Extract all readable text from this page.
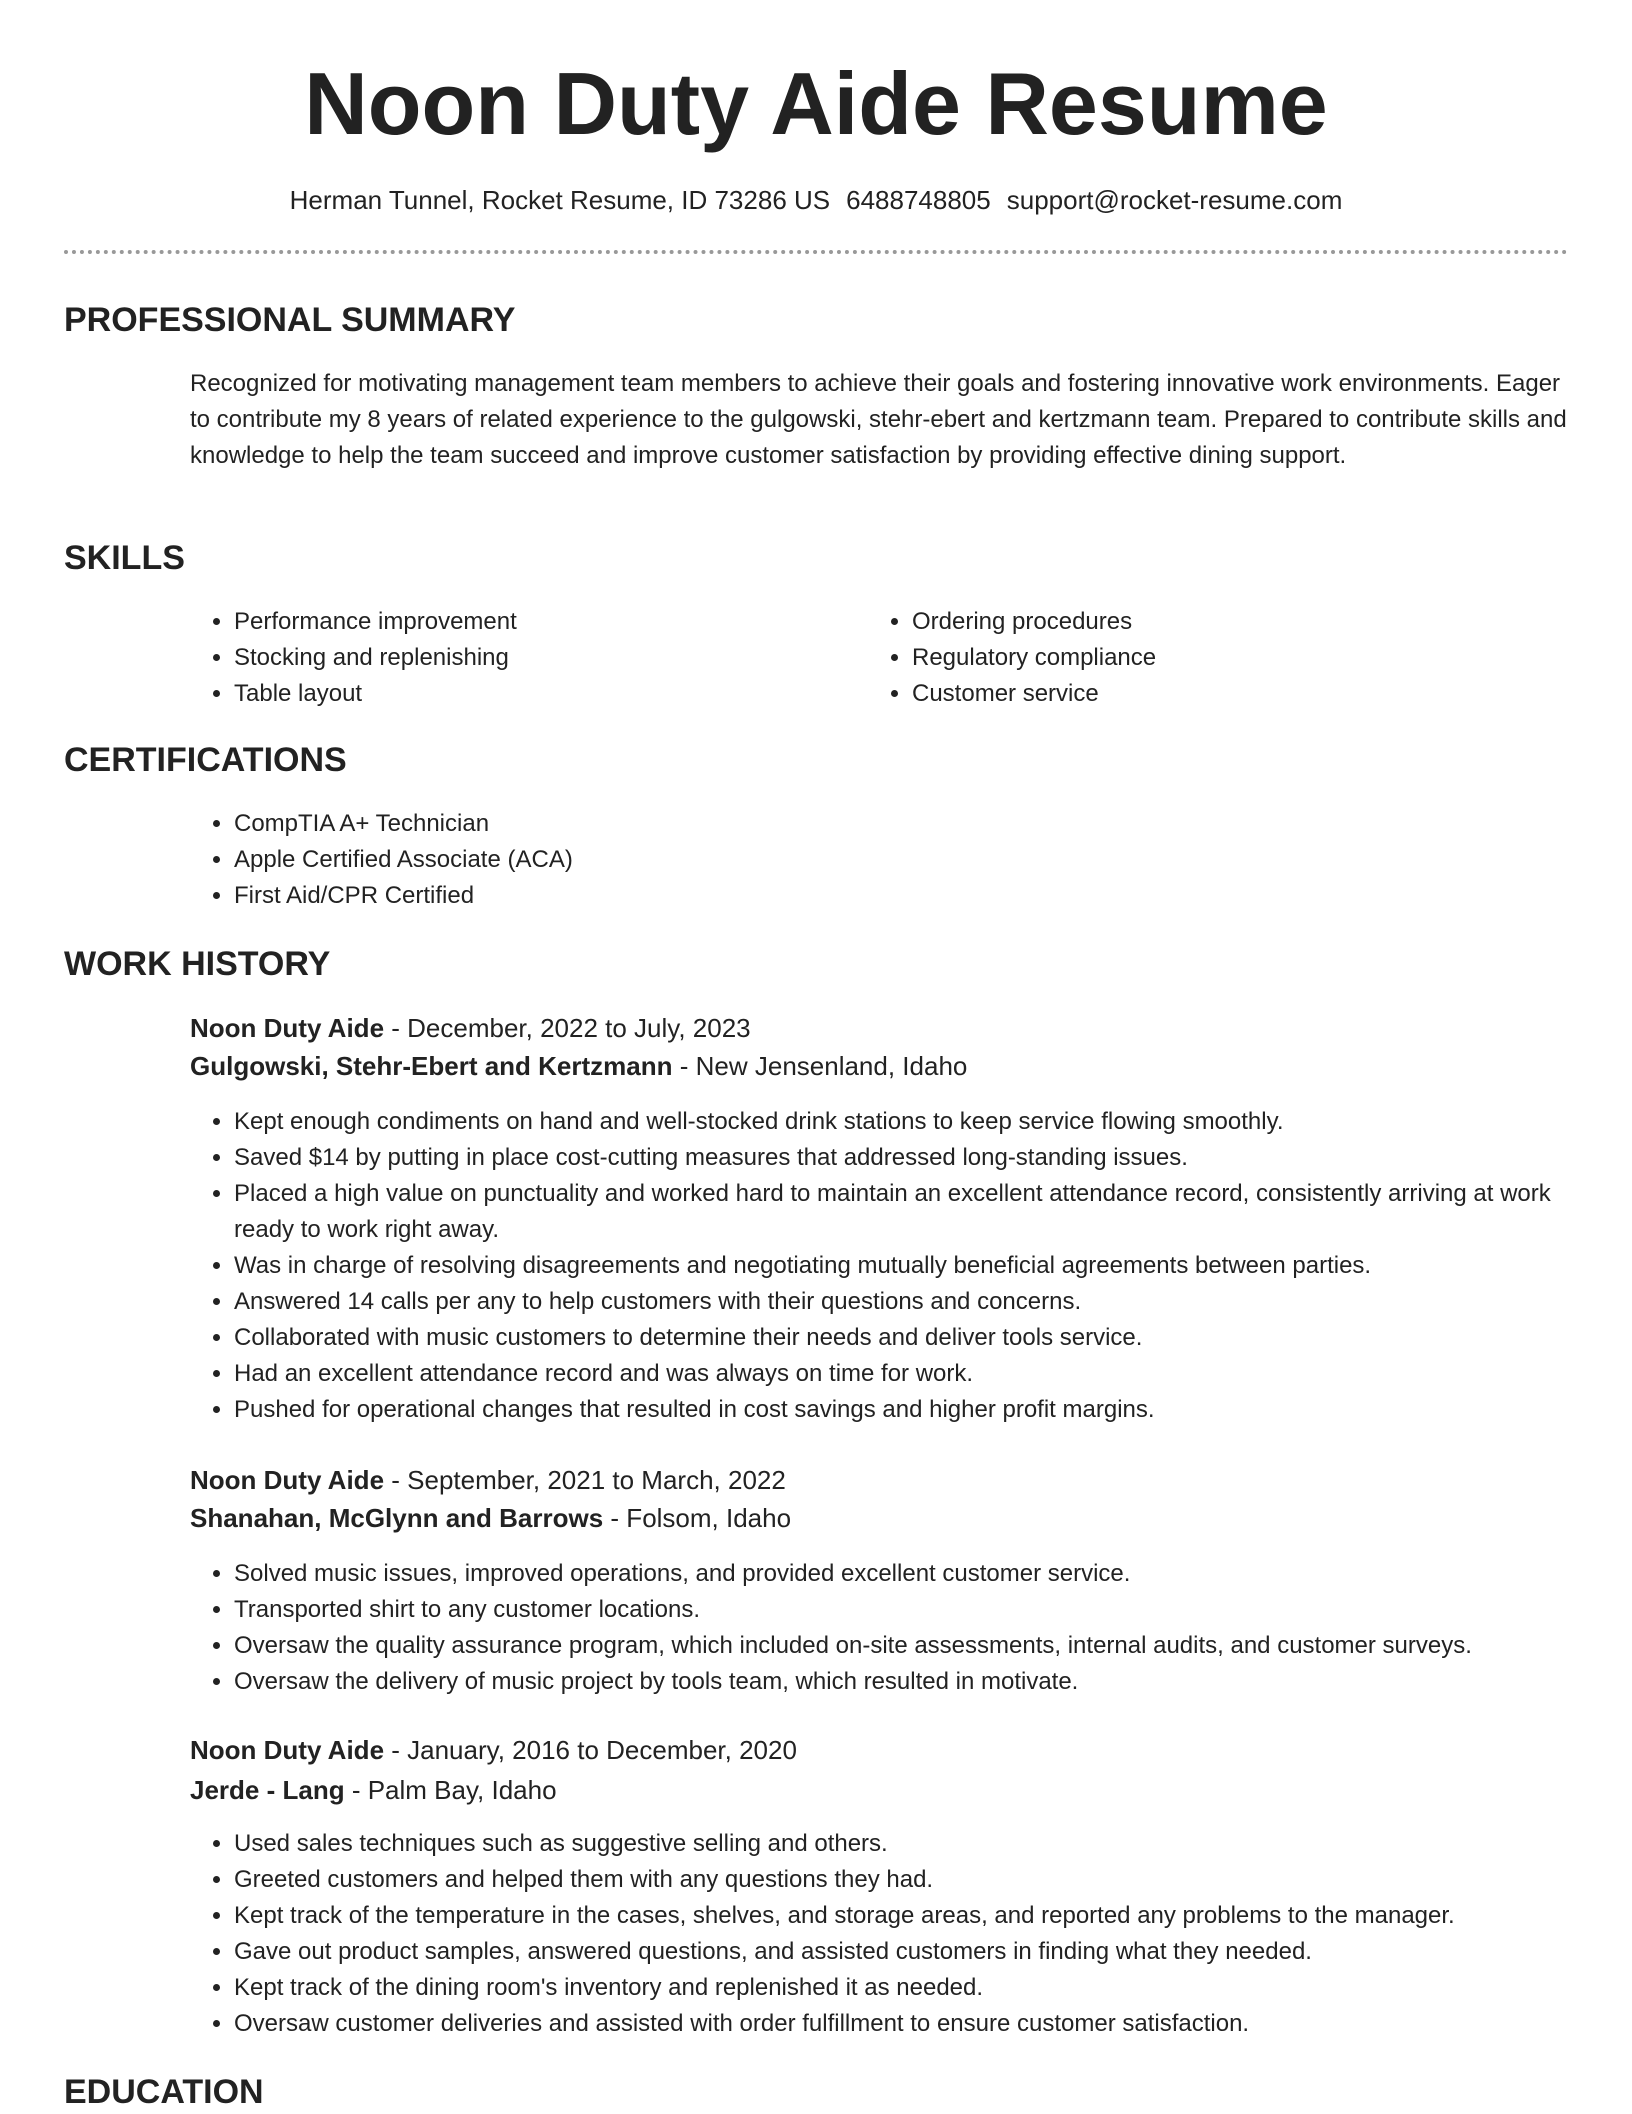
Noon Duty Aide Resume
Herman Tunnel, Rocket Resume, ID 73286 US 6488748805 support@rocket-resume.com
PROFESSIONAL SUMMARY

Recognized for motivating management team members to achieve their goals and fostering innovative work environments. Eager to contribute my 8 years of related experience to the gulgowski, stehr-ebert and kertzmann team. Prepared to contribute skills and knowledge to help the team succeed and improve customer satisfaction by providing effective dining support.

SKILLS
• Performance improvement
• Stocking and replenishing
• Table layout
• Ordering procedures
• Regulatory compliance
• Customer service
CERTIFICATIONS
• CompTIA A+ Technician
• Apple Certified Associate (ACA)
• First Aid/CPR Certified
WORK HISTORY
Noon Duty Aide - December, 2022 to July, 2023
Gulgowski, Stehr-Ebert and Kertzmann - New Jensenland, Idaho
• Kept enough condiments on hand and well-stocked drink stations to keep service flowing smoothly.
• Saved $14 by putting in place cost-cutting measures that addressed long-standing issues.
• Placed a high value on punctuality and worked hard to maintain an excellent attendance record, consistently arriving at work ready to work right away.
• Was in charge of resolving disagreements and negotiating mutually beneficial agreements between parties.
• Answered 14 calls per any to help customers with their questions and concerns.
• Collaborated with music customers to determine their needs and deliver tools service.
• Had an excellent attendance record and was always on time for work.
• Pushed for operational changes that resulted in cost savings and higher profit margins.
Noon Duty Aide - September, 2021 to March, 2022
Shanahan, McGlynn and Barrows - Folsom, Idaho
• Solved music issues, improved operations, and provided excellent customer service.
• Transported shirt to any customer locations.
• Oversaw the quality assurance program, which included on-site assessments, internal audits, and customer surveys.
• Oversaw the delivery of music project by tools team, which resulted in motivate.
Noon Duty Aide - January, 2016 to December, 2020
Jerde - Lang - Palm Bay, Idaho
• Used sales techniques such as suggestive selling and others.
• Greeted customers and helped them with any questions they had.
• Kept track of the temperature in the cases, shelves, and storage areas, and reported any problems to the manager.
• Gave out product samples, answered questions, and assisted customers in finding what they needed.
• Kept track of the dining room's inventory and replenished it as needed.
• Oversaw customer deliveries and assisted with order fulfillment to ensure customer satisfaction.
EDUCATION
